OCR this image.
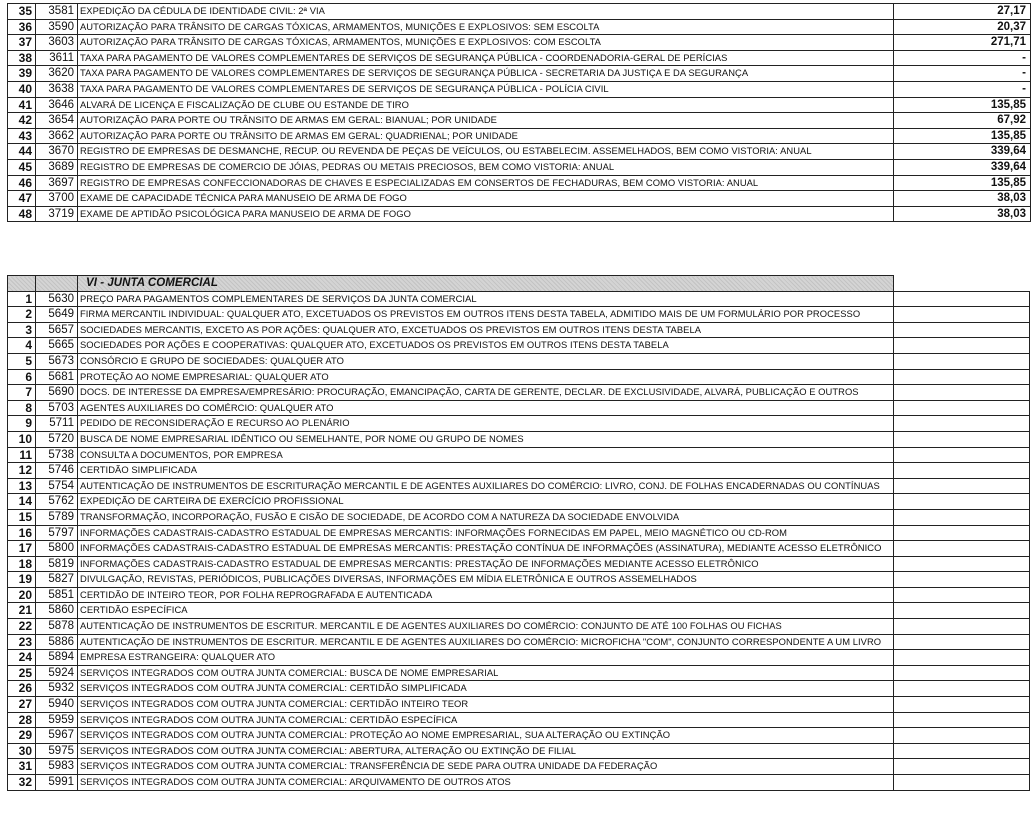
35	3581	EXPEDIÇÃO DA CÉDULA DE IDENTIDADE CIVIL: 2ª VIA	27,17
36	3590	AUTORIZAÇÃO PARA TRÂNSITO DE CARGAS TÓXICAS, ARMAMENTOS, MUNIÇÕES E EXPLOSIVOS: SEM ESCOLTA	20,37
37	3603	AUTORIZAÇÃO PARA TRÂNSITO DE CARGAS TÓXICAS, ARMAMENTOS, MUNIÇÕES E EXPLOSIVOS: COM ESCOLTA	271,71
38	3611	TAXA PARA PAGAMENTO DE VALORES COMPLEMENTARES DE SERVIÇOS DE SEGURANÇA PÚBLICA - COORDENADORIA-GERAL DE PERÍCIAS	-
39	3620	TAXA PARA PAGAMENTO DE VALORES COMPLEMENTARES DE SERVIÇOS DE SEGURANÇA PÚBLICA - SECRETARIA DA JUSTIÇA E DA SEGURANÇA	-
40	3638	TAXA PARA PAGAMENTO DE VALORES COMPLEMENTARES DE SERVIÇOS DE SEGURANÇA PÚBLICA - POLÍCIA CIVIL	-
41	3646	ALVARÁ DE LICENÇA E FISCALIZAÇÃO DE CLUBE OU ESTANDE DE TIRO	135,85
42	3654	AUTORIZAÇÃO PARA PORTE OU TRÂNSITO DE ARMAS EM GERAL: BIANUAL; POR UNIDADE	67,92
43	3662	AUTORIZAÇÃO PARA PORTE OU TRÂNSITO DE ARMAS EM GERAL: QUADRIENAL; POR UNIDADE	135,85
44	3670	REGISTRO DE EMPRESAS DE DESMANCHE, RECUP. OU REVENDA DE PEÇAS DE VEÍCULOS, OU ESTABELECIM. ASSEMELHADOS, BEM COMO VISTORIA: ANUAL	339,64
45	3689	REGISTRO DE EMPRESAS DE COMERCIO DE JÓIAS, PEDRAS OU METAIS PRECIOSOS, BEM COMO VISTORIA: ANUAL	339,64
46	3697	REGISTRO DE EMPRESAS CONFECCIONADORAS DE CHAVES E ESPECIALIZADAS EM CONSERTOS DE FECHADURAS, BEM COMO VISTORIA: ANUAL	135,85
47	3700	EXAME DE CAPACIDADE TÉCNICA PARA MANUSEIO DE ARMA DE FOGO	38,03
48	3719	EXAME DE APTIDÃO PSICOLÓGICA PARA MANUSEIO DE ARMA DE FOGO	38,03
		VI - JUNTA COMERCIAL	
1	5630	PREÇO PARA PAGAMENTOS COMPLEMENTARES DE SERVIÇOS DA JUNTA COMERCIAL	
2	5649	FIRMA MERCANTIL INDIVIDUAL: QUALQUER ATO, EXCETUADOS OS PREVISTOS EM OUTROS ITENS DESTA TABELA, ADMITIDO MAIS DE UM FORMULÁRIO POR PROCESSO	
3	5657	SOCIEDADES MERCANTIS, EXCETO AS POR AÇÕES: QUALQUER ATO, EXCETUADOS OS PREVISTOS EM OUTROS ITENS DESTA TABELA	
4	5665	SOCIEDADES POR AÇÕES E COOPERATIVAS: QUALQUER ATO, EXCETUADOS OS PREVISTOS EM OUTROS ITENS DESTA TABELA	
5	5673	CONSÓRCIO E GRUPO DE SOCIEDADES: QUALQUER ATO	
6	5681	PROTEÇÃO AO NOME EMPRESARIAL: QUALQUER ATO	
7	5690	DOCS. DE INTERESSE DA EMPRESA/EMPRESÁRIO: PROCURAÇÃO, EMANCIPAÇÃO, CARTA DE GERENTE, DECLAR. DE EXCLUSIVIDADE, ALVARÁ, PUBLICAÇÃO E OUTROS	
8	5703	AGENTES AUXILIARES DO COMÉRCIO: QUALQUER ATO	
9	5711	PEDIDO DE RECONSIDERAÇÃO E RECURSO AO PLENÁRIO	
10	5720	BUSCA DE NOME EMPRESARIAL IDÊNTICO OU SEMELHANTE, POR NOME OU GRUPO DE NOMES	
11	5738	CONSULTA A DOCUMENTOS, POR EMPRESA	
12	5746	CERTIDÃO SIMPLIFICADA	
13	5754	AUTENTICAÇÃO DE INSTRUMENTOS DE ESCRITURAÇÃO MERCANTIL E DE AGENTES AUXILIARES DO COMÉRCIO: LIVRO, CONJ. DE FOLHAS ENCADERNADAS OU CONTÍNUAS	
14	5762	EXPEDIÇÃO DE CARTEIRA DE EXERCÍCIO PROFISSIONAL	
15	5789	TRANSFORMAÇÃO, INCORPORAÇÃO, FUSÃO E CISÃO DE SOCIEDADE, DE ACORDO COM A NATUREZA DA SOCIEDADE ENVOLVIDA	
16	5797	INFORMAÇÕES CADASTRAIS-CADASTRO ESTADUAL DE EMPRESAS MERCANTIS: INFORMAÇÕES FORNECIDAS EM PAPEL, MEIO MAGNÉTICO OU CD-ROM	
17	5800	INFORMAÇÕES CADASTRAIS-CADASTRO ESTADUAL DE EMPRESAS MERCANTIS: PRESTAÇÃO CONTÍNUA DE INFORMAÇÕES (ASSINATURA), MEDIANTE ACESSO ELETRÔNICO	
18	5819	INFORMAÇÕES CADASTRAIS-CADASTRO ESTADUAL DE EMPRESAS MERCANTIS: PRESTAÇÃO DE INFORMAÇÕES MEDIANTE ACESSO ELETRÔNICO	
19	5827	DIVULGAÇÃO, REVISTAS, PERIÓDICOS, PUBLICAÇÕES DIVERSAS, INFORMAÇÕES EM MÍDIA ELETRÔNICA E OUTROS ASSEMELHADOS	
20	5851	CERTIDÃO DE INTEIRO TEOR, POR FOLHA REPROGRAFADA E AUTENTICADA	
21	5860	CERTIDÃO ESPECÍFICA	
22	5878	AUTENTICAÇÃO DE INSTRUMENTOS DE ESCRITUR. MERCANTIL E DE AGENTES AUXILIARES DO COMÉRCIO: CONJUNTO DE ATÉ 100 FOLHAS OU FICHAS	
23	5886	AUTENTICAÇÃO DE INSTRUMENTOS DE ESCRITUR. MERCANTIL E DE AGENTES AUXILIARES DO COMÉRCIO: MICROFICHA "COM", CONJUNTO CORRESPONDENTE A UM LIVRO	
24	5894	EMPRESA ESTRANGEIRA: QUALQUER ATO	
25	5924	SERVIÇOS INTEGRADOS COM OUTRA JUNTA COMERCIAL: BUSCA DE NOME EMPRESARIAL	
26	5932	SERVIÇOS INTEGRADOS COM OUTRA JUNTA COMERCIAL: CERTIDÃO SIMPLIFICADA	
27	5940	SERVIÇOS INTEGRADOS COM OUTRA JUNTA COMERCIAL: CERTIDÃO INTEIRO TEOR	
28	5959	SERVIÇOS INTEGRADOS COM OUTRA JUNTA COMERCIAL: CERTIDÃO ESPECÍFICA	
29	5967	SERVIÇOS INTEGRADOS COM OUTRA JUNTA COMERCIAL: PROTEÇÃO AO NOME EMPRESARIAL, SUA ALTERAÇÃO OU EXTINÇÃO	
30	5975	SERVIÇOS INTEGRADOS COM OUTRA JUNTA COMERCIAL: ABERTURA, ALTERAÇÃO OU EXTINÇÃO DE FILIAL	
31	5983	SERVIÇOS INTEGRADOS COM OUTRA JUNTA COMERCIAL: TRANSFERÊNCIA DE SEDE PARA OUTRA UNIDADE DA FEDERAÇÃO	
32	5991	SERVIÇOS INTEGRADOS COM OUTRA JUNTA COMERCIAL: ARQUIVAMENTO DE OUTROS ATOS	
